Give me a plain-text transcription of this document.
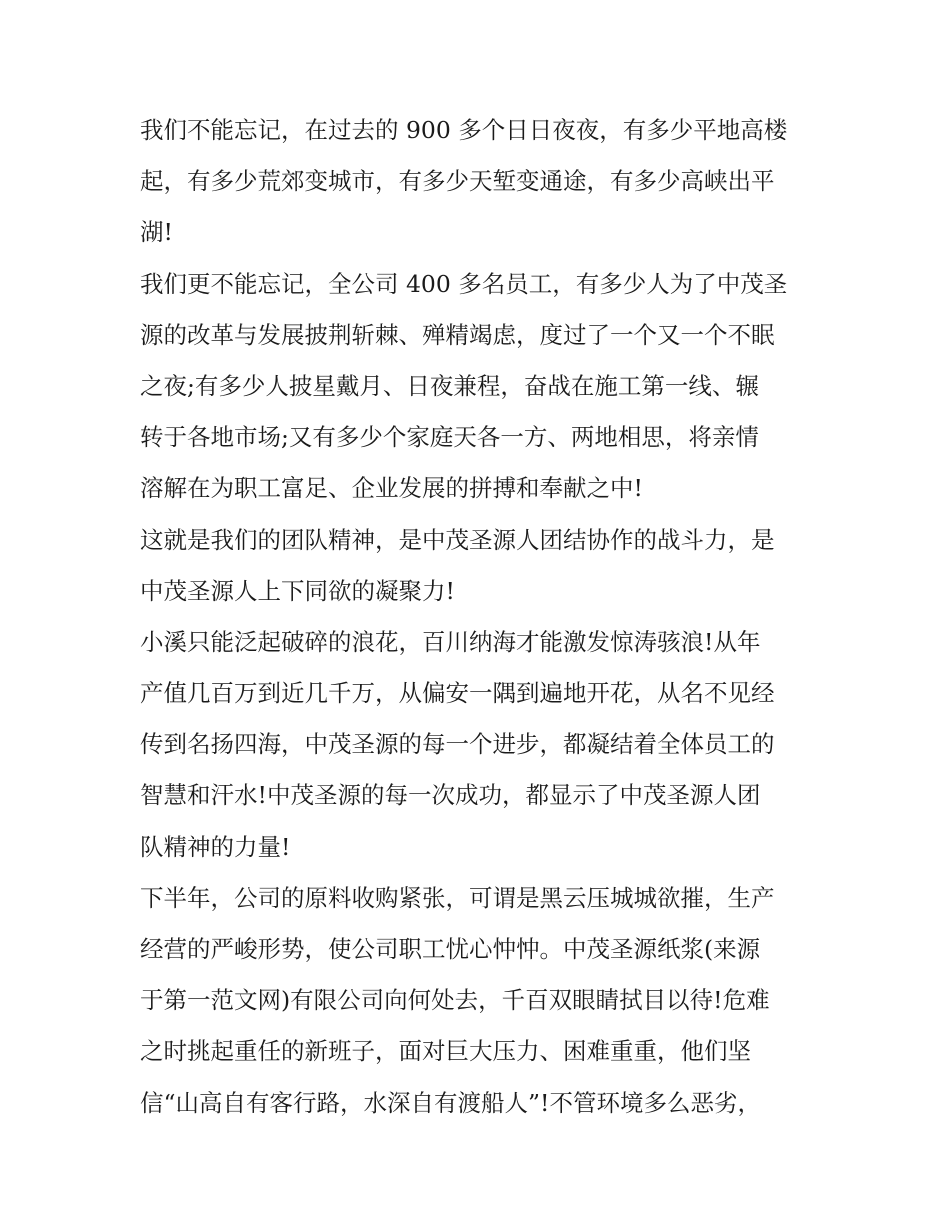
我们不能忘记，在过去的 900 多个日日夜夜，有多少平地高楼
起，有多少荒郊变城市，有多少天堑变通途，有多少高峡出平
湖!
我们更不能忘记，全公司 400 多名员工，有多少人为了中茂圣
源的改革与发展披荆斩棘、殚精竭虑，度过了一个又一个不眠
之夜;有多少人披星戴月、日夜兼程，奋战在施工第一线、辗
转于各地市场;又有多少个家庭天各一方、两地相思，将亲情
溶解在为职工富足、企业发展的拼搏和奉献之中!
这就是我们的团队精神，是中茂圣源人团结协作的战斗力，是
中茂圣源人上下同欲的凝聚力!
小溪只能泛起破碎的浪花，百川纳海才能激发惊涛骇浪!从年
产值几百万到近几千万，从偏安一隅到遍地开花，从名不见经
传到名扬四海，中茂圣源的每一个进步，都凝结着全体员工的
智慧和汗水!中茂圣源的每一次成功，都显示了中茂圣源人团
队精神的力量!
下半年，公司的原料收购紧张，可谓是黑云压城城欲摧，生产
经营的严峻形势，使公司职工忧心忡忡。中茂圣源纸浆(来源
于第一范文网)有限公司向何处去，千百双眼睛拭目以待!危难
之时挑起重任的新班子，面对巨大压力、困难重重，他们坚
信“山高自有客行路，水深自有渡船人”!不管环境多么恶劣，
